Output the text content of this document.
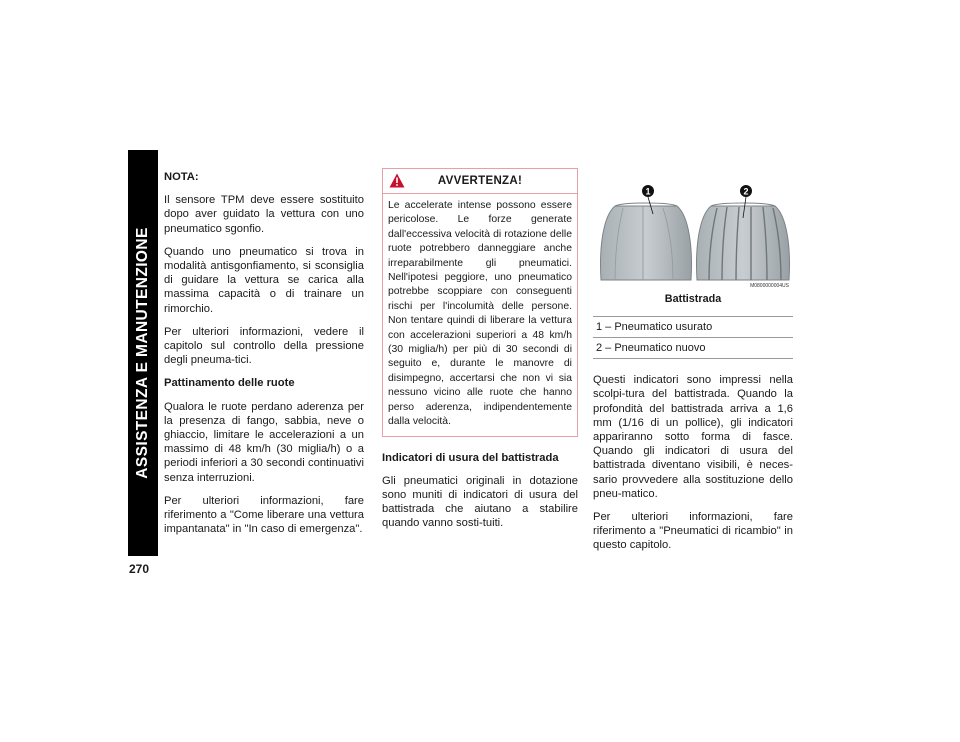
ASSISTENZA E MANUTENZIONE
270

NOTA:

Il sensore TPM deve essere sostituito dopo aver guidato la vettura con uno pneumatico sgonfio.

Quando uno pneumatico si trova in modalità antisgonfiamento, si sconsiglia di guidare la vettura se carica alla massima capacità o di trainare un rimorchio.

Per ulteriori informazioni, vedere il capitolo sul controllo della pressione degli pneuma-tici.

Pattinamento delle ruote

Qualora le ruote perdano aderenza per la presenza di fango, sabbia, neve o ghiaccio, limitare le accelerazioni a un massimo di 48 km/h (30 miglia/h) o a periodi inferiori a 30 secondi continuativi senza interruzioni.

Per ulteriori informazioni, fare riferimento a "Come liberare una vettura impantanata" in "In caso di emergenza".

AVVERTENZA!
Le accelerate intense possono essere pericolose. Le forze generate dall'eccessiva velocità di rotazione delle ruote potrebbero danneggiare anche irreparabilmente gli pneumatici. Nell'ipotesi peggiore, uno pneumatico potrebbe scoppiare con conseguenti rischi per l'incolumità delle persone. Non tentare quindi di liberare la vettura con accelerazioni superiori a 48 km/h (30 miglia/h) per più di 30 secondi di seguito e, durante le manovre di disimpegno, accertarsi che non vi sia nessuno vicino alle ruote che hanno perso aderenza, indipendentemente dalla velocità.

Indicatori di usura del battistrada

Gli pneumatici originali in dotazione sono muniti di indicatori di usura del battistrada che aiutano a stabilire quando vanno sosti-tuiti.

1	2
M0800000004US
Battistrada
1 – Pneumatico usurato
2 – Pneumatico nuovo

Questi indicatori sono impressi nella scolpi-tura del battistrada. Quando la profondità del battistrada arriva a 1,6 mm (1/16 di un pollice), gli indicatori appariranno sotto forma di fasce. Quando gli indicatori di usura del battistrada diventano visibili, è neces-sario provvedere alla sostituzione dello pneu-matico.

Per ulteriori informazioni, fare riferimento a "Pneumatici di ricambio" in questo capitolo.
